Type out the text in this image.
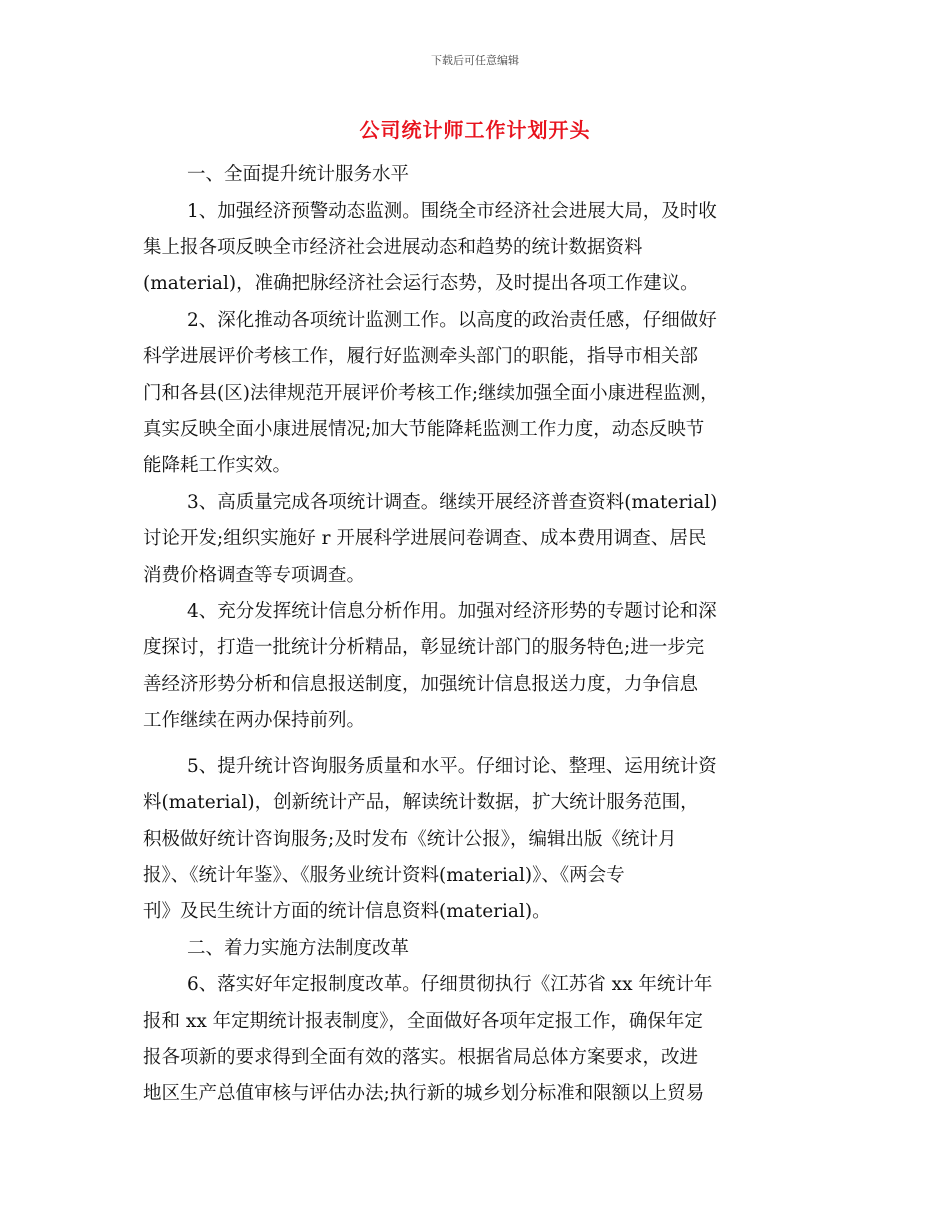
下载后可任意编辑
公司统计师工作计划开头
一、全面提升统计服务水平
1、加强经济预警动态监测。围绕全市经济社会进展大局，及时收
集上报各项反映全市经济社会进展动态和趋势的统计数据资料
(material)，准确把脉经济社会运行态势，及时提出各项工作建议。
2、深化推动各项统计监测工作。以高度的政治责任感，仔细做好
科学进展评价考核工作，履行好监测牵头部门的职能，指导市相关部
门和各县(区)法律规范开展评价考核工作;继续加强全面小康进程监测，
真实反映全面小康进展情况;加大节能降耗监测工作力度，动态反映节
能降耗工作实效。
3、高质量完成各项统计调查。继续开展经济普查资料(material)
讨论开发;组织实施好 r 开展科学进展问卷调查、成本费用调查、居民
消费价格调查等专项调查。
4、充分发挥统计信息分析作用。加强对经济形势的专题讨论和深
度探讨，打造一批统计分析精品，彰显统计部门的服务特色;进一步完
善经济形势分析和信息报送制度，加强统计信息报送力度，力争信息
工作继续在两办保持前列。
5、提升统计咨询服务质量和水平。仔细讨论、整理、运用统计资
料(material)，创新统计产品，解读统计数据，扩大统计服务范围，
积极做好统计咨询服务;及时发布《统计公报》，编辑出版《统计月
报》、《统计年鉴》、《服务业统计资料(material)》、《两会专
刊》及民生统计方面的统计信息资料(material)。
二、着力实施方法制度改革
6、落实好年定报制度改革。仔细贯彻执行《江苏省 xx 年统计年
报和 xx 年定期统计报表制度》，全面做好各项年定报工作，确保年定
报各项新的要求得到全面有效的落实。根据省局总体方案要求，改进
地区生产总值审核与评估办法;执行新的城乡划分标准和限额以上贸易
